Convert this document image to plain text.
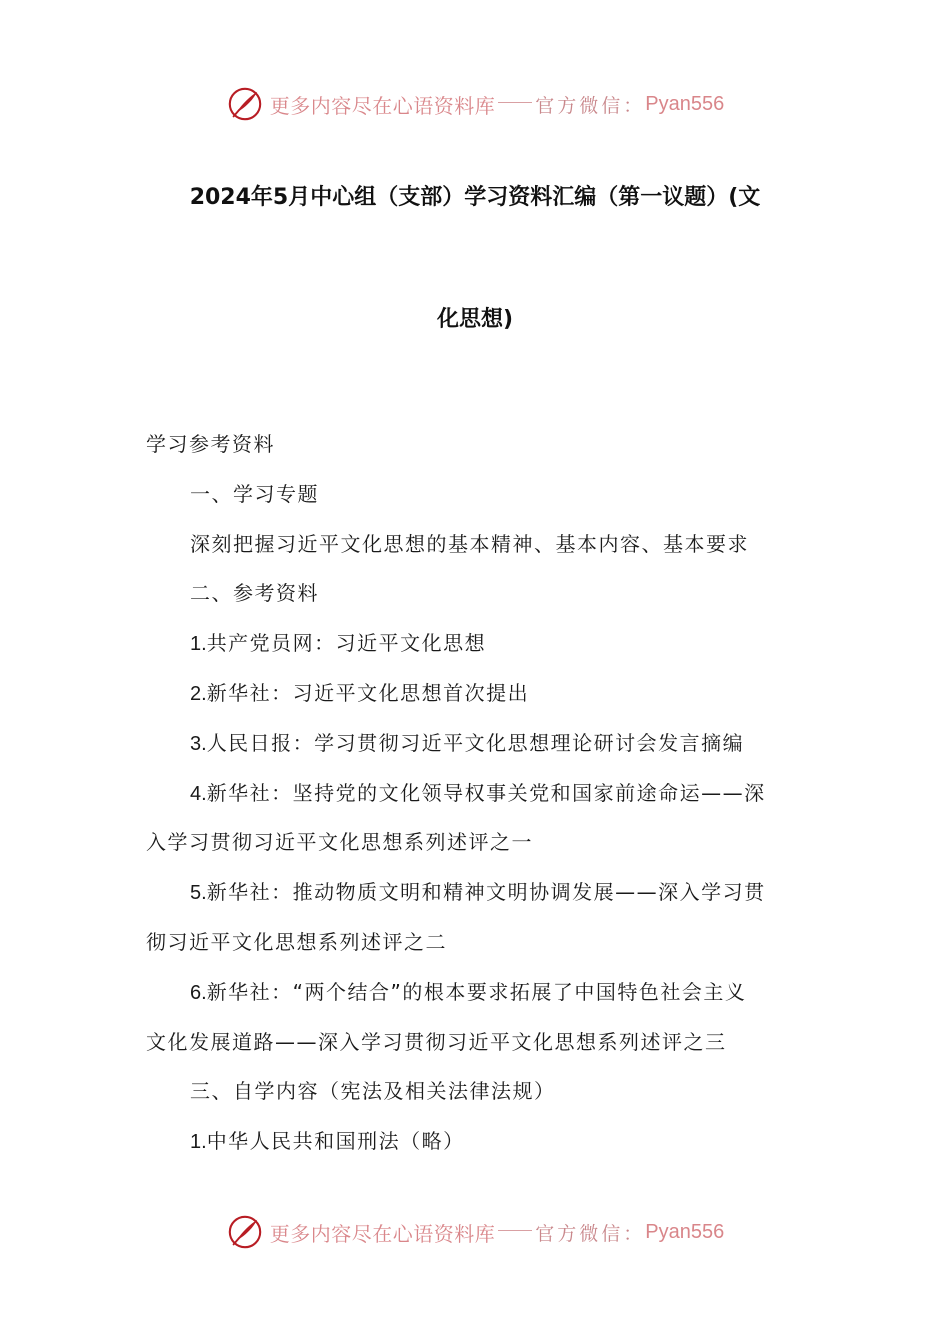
更多内容尽在心语资料库 官方微信： Pyan556
2024年5月中心组（支部）学习资料汇编（第一议题）(文
化思想)
学习参考资料
一、学习专题
深刻把握习近平文化思想的基本精神、基本内容、基本要求
二、参考资料
1.共产党员网：习近平文化思想
2.新华社：习近平文化思想首次提出
3.人民日报：学习贯彻习近平文化思想理论研讨会发言摘编
4.新华社：坚持党的文化领导权事关党和国家前途命运——深
入学习贯彻习近平文化思想系列述评之一
5.新华社：推动物质文明和精神文明协调发展——深入学习贯
彻习近平文化思想系列述评之二
6.新华社：“两个结合”的根本要求拓展了中国特色社会主义
文化发展道路——深入学习贯彻习近平文化思想系列述评之三
三、自学内容（宪法及相关法律法规）
1.中华人民共和国刑法（略）
更多内容尽在心语资料库 官方微信： Pyan556
